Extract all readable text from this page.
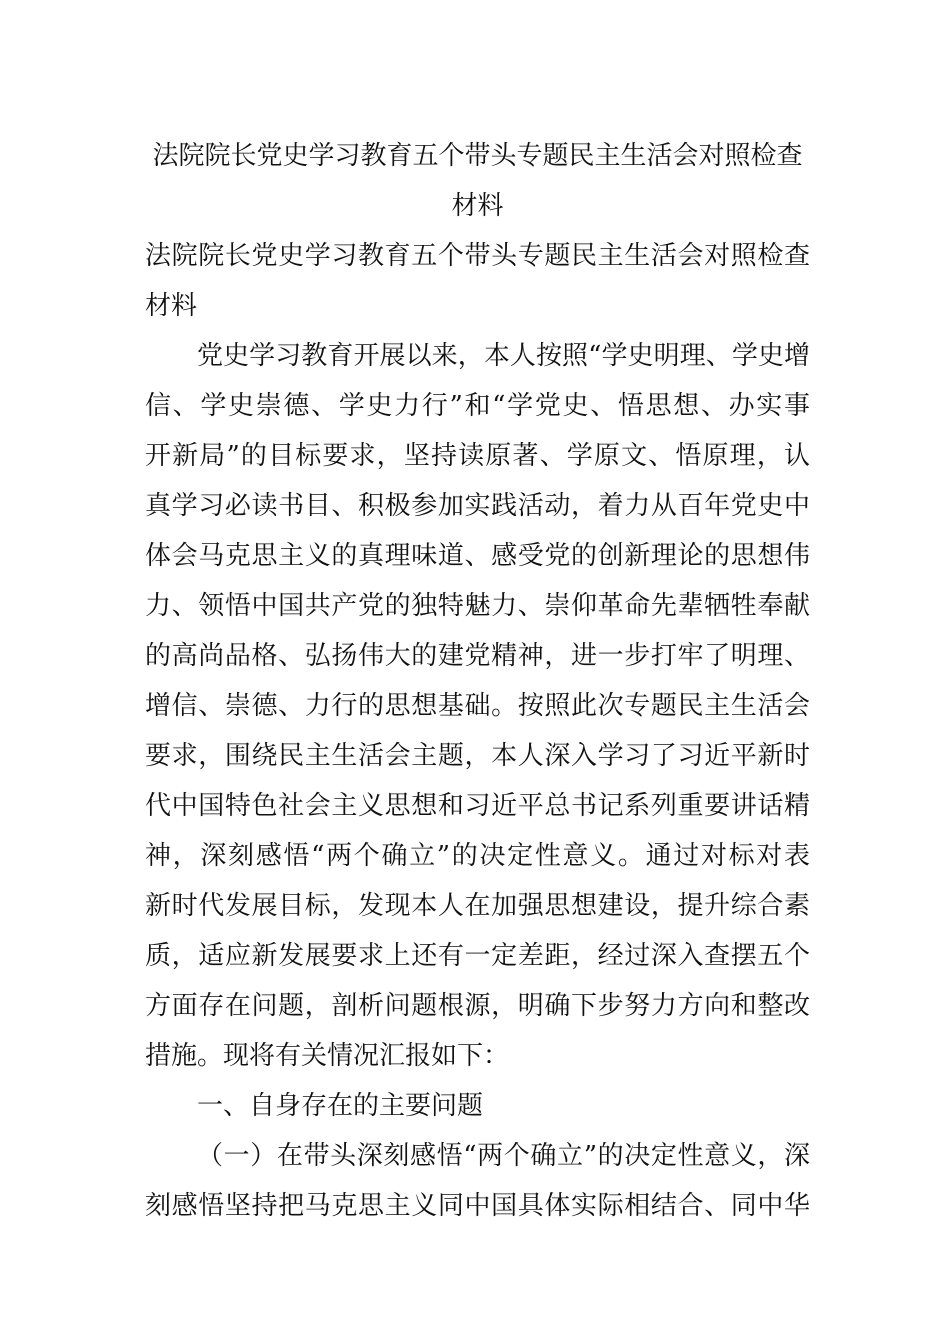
法院院长党史学习教育五个带头专题民主生活会对照检查
材料

法院院长党史学习教育五个带头专题民主生活会对照检查
材料

党史学习教育开展以来，本人按照“学史明理、学史增
信、学史崇德、学史力行”和“学党史、悟思想、办实事
开新局”的目标要求，坚持读原著、学原文、悟原理，认
真学习必读书目、积极参加实践活动，着力从百年党史中
体会马克思主义的真理味道、感受党的创新理论的思想伟
力、领悟中国共产党的独特魅力、崇仰革命先辈牺牲奉献
的高尚品格、弘扬伟大的建党精神，进一步打牢了明理、
增信、崇德、力行的思想基础。按照此次专题民主生活会
要求，围绕民主生活会主题，本人深入学习了习近平新时
代中国特色社会主义思想和习近平总书记系列重要讲话精
神，深刻感悟“两个确立”的决定性意义。通过对标对表
新时代发展目标，发现本人在加强思想建设，提升综合素
质，适应新发展要求上还有一定差距，经过深入查摆五个
方面存在问题，剖析问题根源，明确下步努力方向和整改
措施。现将有关情况汇报如下：

一、自身存在的主要问题

（一）在带头深刻感悟“两个确立”的决定性意义，深
刻感悟坚持把马克思主义同中国具体实际相结合、同中华
